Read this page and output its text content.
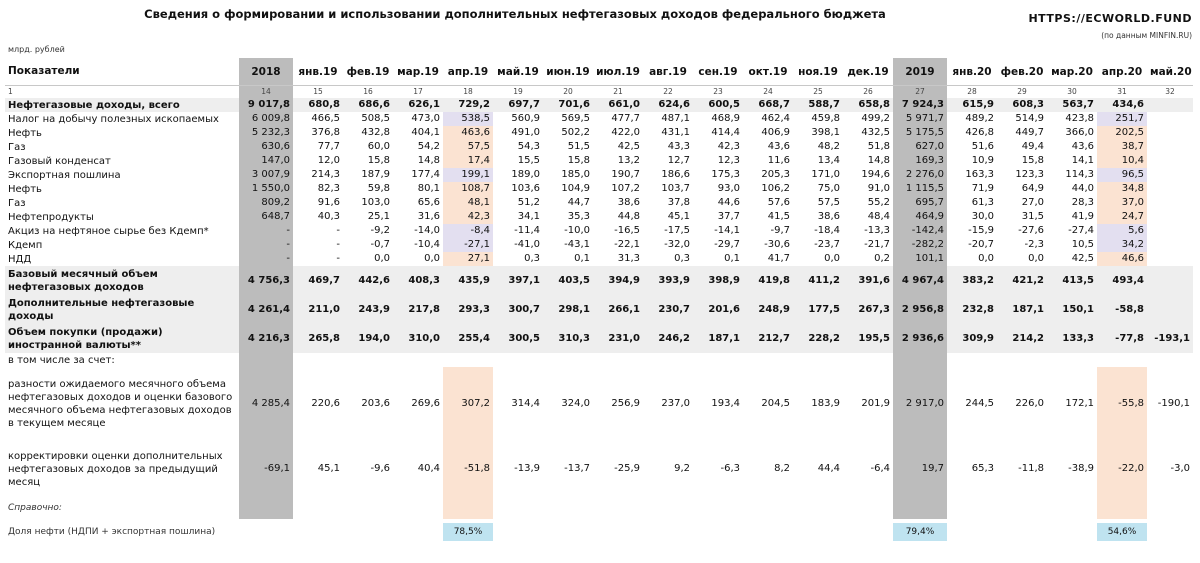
Сведения о формировании и использовании дополнительных нефтегазовых доходов федерального бюджета	HTTPS://ECWORLD.FUND
(по данным MINFIN.RU)
млрд. рублей
Показатели	2018	янв.19	фев.19	мар.19	апр.19	май.19	июн.19	июл.19	авг.19	сен.19	окт.19	ноя.19	дек.19	2019	янв.20	фев.20	мар.20	апр.20	май.20
1	14	15	16	17	18	19	20	21	22	23	24	25	26	27	28	29	30	31	32
Нефтегазовые доходы, всего	9 017,8	680,8	686,6	626,1	729,2	697,7	701,6	661,0	624,6	600,5	668,7	588,7	658,8	7 924,3	615,9	608,3	563,7	434,6	
Налог на добычу полезных ископаемых	6 009,8	466,5	508,5	473,0	538,5	560,9	569,5	477,7	487,1	468,9	462,4	459,8	499,2	5 971,7	489,2	514,9	423,8	251,7	
Нефть	5 232,3	376,8	432,8	404,1	463,6	491,0	502,2	422,0	431,1	414,4	406,9	398,1	432,5	5 175,5	426,8	449,7	366,0	202,5	
Газ	630,6	77,7	60,0	54,2	57,5	54,3	51,5	42,5	43,3	42,3	43,6	48,2	51,8	627,0	51,6	49,4	43,6	38,7	
Газовый конденсат	147,0	12,0	15,8	14,8	17,4	15,5	15,8	13,2	12,7	12,3	11,6	13,4	14,8	169,3	10,9	15,8	14,1	10,4	
Экспортная пошлина	3 007,9	214,3	187,9	177,4	199,1	189,0	185,0	190,7	186,6	175,3	205,3	171,0	194,6	2 276,0	163,3	123,3	114,3	96,5	
Нефть	1 550,0	82,3	59,8	80,1	108,7	103,6	104,9	107,2	103,7	93,0	106,2	75,0	91,0	1 115,5	71,9	64,9	44,0	34,8	
Газ	809,2	91,6	103,0	65,6	48,1	51,2	44,7	38,6	37,8	44,6	57,6	57,5	55,2	695,7	61,3	27,0	28,3	37,0	
Нефтепродукты	648,7	40,3	25,1	31,6	42,3	34,1	35,3	44,8	45,1	37,7	41,5	38,6	48,4	464,9	30,0	31,5	41,9	24,7	
Акциз на нефтяное сырье без Кдемп*	-	-	-9,2	-14,0	-8,4	-11,4	-10,0	-16,5	-17,5	-14,1	-9,7	-18,4	-13,3	-142,4	-15,9	-27,6	-27,4	5,6	
Кдемп	-	-	-0,7	-10,4	-27,1	-41,0	-43,1	-22,1	-32,0	-29,7	-30,6	-23,7	-21,7	-282,2	-20,7	-2,3	10,5	34,2	
НДД	-	-	0,0	0,0	27,1	0,3	0,1	31,3	0,3	0,1	41,7	0,0	0,2	101,1	0,0	0,0	42,5	46,6	
Базовый месячный объем нефтегазовых доходов	4 756,3	469,7	442,6	408,3	435,9	397,1	403,5	394,9	393,9	398,9	419,8	411,2	391,6	4 967,4	383,2	421,2	413,5	493,4	
Дополнительные нефтегазовые доходы	4 261,4	211,0	243,9	217,8	293,3	300,7	298,1	266,1	230,7	201,6	248,9	177,5	267,3	2 956,8	232,8	187,1	150,1	-58,8	
Объем покупки (продажи) иностранной валюты**	4 216,3	265,8	194,0	310,0	255,4	300,5	310,3	231,0	246,2	187,1	212,7	228,2	195,5	2 936,6	309,9	214,2	133,3	-77,8	-193,1
в том числе за счет:																			
разности ожидаемого месячного объема нефтегазовых доходов и оценки базового месячного объема нефтегазовых доходов в текущем месяце	4 285,4	220,6	203,6	269,6	307,2	314,4	324,0	256,9	237,0	193,4	204,5	183,9	201,9	2 917,0	244,5	226,0	172,1	-55,8	-190,1
корректировки оценки дополнительных нефтегазовых доходов за предыдущий месяц	-69,1	45,1	-9,6	40,4	-51,8	-13,9	-13,7	-25,9	9,2	-6,3	8,2	44,4	-6,4	19,7	65,3	-11,8	-38,9	-22,0	-3,0
Справочно:																			

Доля нефти (НДПИ + экспортная пошлина)					78,5%									79,4%				54,6%	
